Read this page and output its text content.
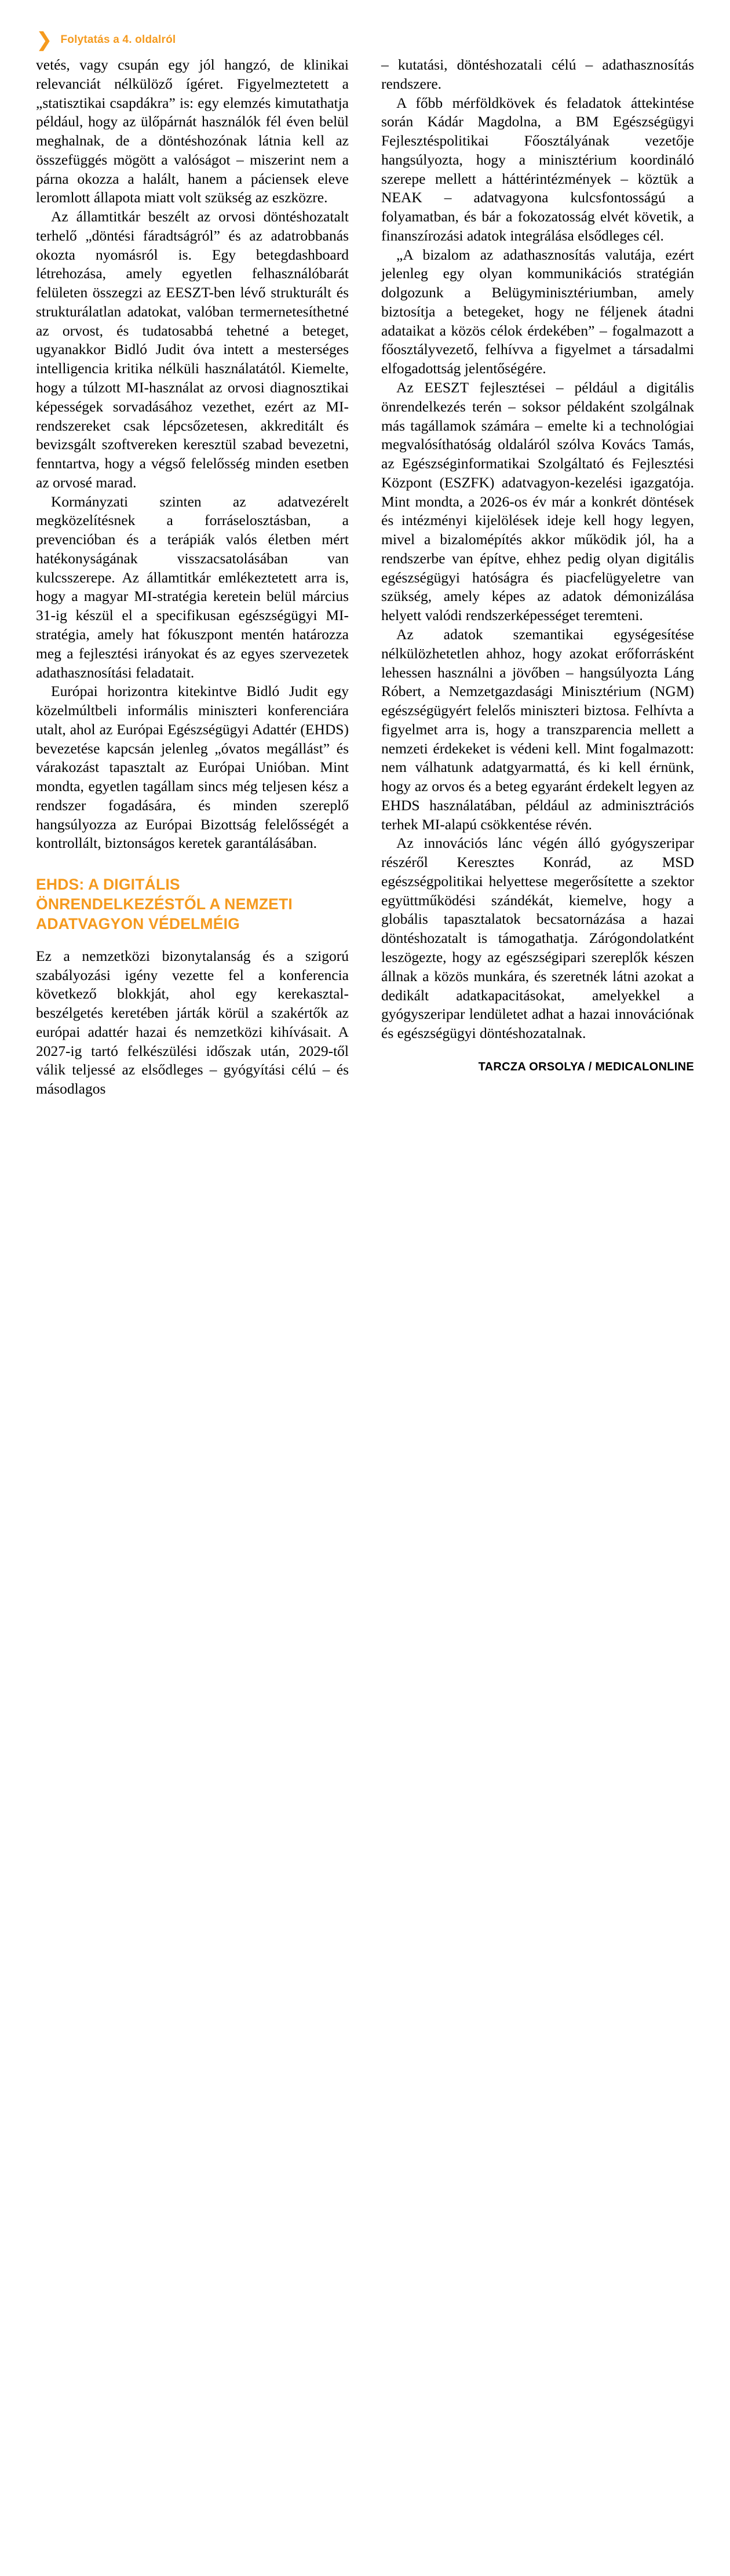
❯ Folytatás a 4. oldalról

vetés, vagy csupán egy jól hangzó, de klinikai relevanciát nélkülöző ígéret. Figyelmeztetett a „statisztikai csapdákra” is: egy elemzés kimutathatja például, hogy az ülőpárnát használók fél éven belül meghalnak, de a döntéshozónak látnia kell az összefüggés mögött a valóságot – miszerint nem a párna okozza a halált, hanem a páciensek eleve leromlott állapota miatt volt szükség az eszközre.

Az államtitkár beszélt az orvosi döntéshozatalt terhelő „döntési fáradtságról” és az adatrobbanás okozta nyomásról is. Egy betegdashboard létrehozása, amely egyetlen felhasználóbarát felületen összegzi az EESZT-ben lévő strukturált és strukturálatlan adatokat, valóban termernetesíthetné az orvost, és tudatosabbá tehetné a beteget, ugyanakkor Bidló Judit óva intett a mesterséges intelligencia kritika nélküli használatától. Kiemelte, hogy a túlzott MI-használat az orvosi diagnosztikai képességek sorvadásához vezethet, ezért az MI-rendszereket csak lépcsőzetesen, akkreditált és bevizsgált szoftvereken keresztül szabad bevezetni, fenntartva, hogy a végső felelősség minden esetben az orvosé marad.

Kormányzati szinten az adatvezérelt megközelítésnek a forráselosztásban, a prevencióban és a terápiák valós életben mért hatékonyságának visszacsatolásában van kulcsszerepe. Az államtitkár emlékeztetett arra is, hogy a magyar MI-stratégia keretein belül március 31-ig készül el a specifikusan egészségügyi MI-stratégia, amely hat fókuszpont mentén határozza meg a fejlesztési irányokat és az egyes szervezetek adathasznosítási feladatait.

Európai horizontra kitekintve Bidló Judit egy közelmúltbeli informális miniszteri konferenciára utalt, ahol az Európai Egészségügyi Adattér (EHDS) bevezetése kapcsán jelenleg „óvatos megállást” és várakozást tapasztalt az Európai Unióban. Mint mondta, egyetlen tagállam sincs még teljesen kész a rendszer fogadására, és minden szereplő hangsúlyozza az Európai Bizottság felelősségét a kontrollált, biztonságos keretek garantálásában.

EHDS: A DIGITÁLIS
ÖNRENDELKEZÉSTŐL A NEMZETI
ADATVAGYON VÉDELMÉIG

Ez a nemzetközi bizonytalanság és a szigorú szabályozási igény vezette fel a konferencia következő blokkját, ahol egy kerekasztal-beszélgetés keretében járták körül a szakértők az európai adattér hazai és nemzetközi kihívásait. A 2027-ig tartó felkészülési időszak után, 2029-től válik teljessé az elsődleges – gyógyítási célú – és másodlagos

– kutatási, döntéshozatali célú – adathasznosítás rendszere.

A főbb mérföldkövek és feladatok áttekintése során Kádár Magdolna, a BM Egészségügyi Fejlesztéspolitikai Főosztályának vezetője hangsúlyozta, hogy a minisztérium koordináló szerepe mellett a háttérintézmények – köztük a NEAK – adatvagyona kulcsfontosságú a folyamatban, és bár a fokozatosság elvét követik, a finanszírozási adatok integrálása elsődleges cél.

„A bizalom az adathasznosítás valutája, ezért jelenleg egy olyan kommunikációs stratégián dolgozunk a Belügyminisztériumban, amely biztosítja a betegeket, hogy ne féljenek átadni adataikat a közös célok érdekében” – fogalmazott a főosztályvezető, felhívva a figyelmet a társadalmi elfogadottság jelentőségére.

Az EESZT fejlesztései – például a digitális önrendelkezés terén – soksor példaként szolgálnak más tagállamok számára – emelte ki a technológiai megvalósíthatóság oldaláról szólva Kovács Tamás, az Egészséginformatikai Szolgáltató és Fejlesztési Központ (ESZFK) adatvagyon-kezelési igazgatója. Mint mondta, a 2026-os év már a konkrét döntések és intézményi kijelölések ideje kell hogy legyen, mivel a bizalomépítés akkor működik jól, ha a rendszerbe van építve, ehhez pedig olyan digitális egészségügyi hatóságra és piacfelügyeletre van szükség, amely képes az adatok démonizálása helyett valódi rendszerképességet teremteni.

Az adatok szemantikai egységesítése nélkülözhetetlen ahhoz, hogy azokat erőforrásként lehessen használni a jövőben – hangsúlyozta Láng Róbert, a Nemzetgazdasági Minisztérium (NGM) egészségügyért felelős miniszteri biztosa. Felhívta a figyelmet arra is, hogy a transzparencia mellett a nemzeti érdekeket is védeni kell. Mint fogalmazott: nem válhatunk adatgyarmattá, és ki kell érnünk, hogy az orvos és a beteg egyaránt érdekelt legyen az EHDS használatában, például az adminisztrációs terhek MI-alapú csökkentése révén.

Az innovációs lánc végén álló gyógyszeripar részéről Keresztes Konrád, az MSD egészségpolitikai helyettese megerősítette a szektor együttműködési szándékát, kiemelve, hogy a globális tapasztalatok becsatornázása a hazai döntéshozatalt is támogathatja. Zárógondolatként leszögezte, hogy az egészségipari szereplők készen állnak a közös munkára, és szeretnék látni azokat a dedikált adatkapacitásokat, amelyekkel a gyógyszeripar lendületet adhat a hazai innovációnak és egészségügyi döntéshozatalnak.

TARCZA ORSOLYA / MEDICALONLINE
